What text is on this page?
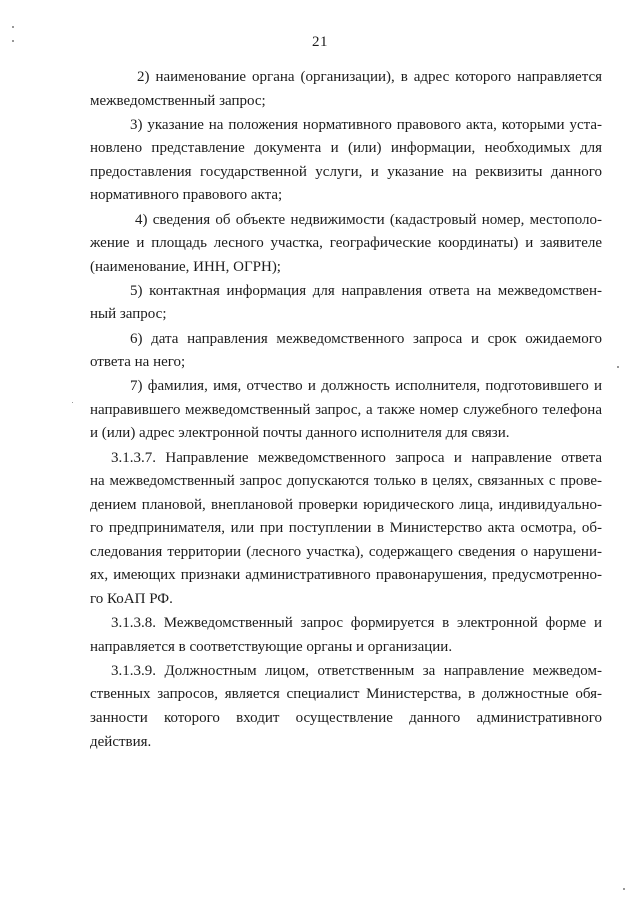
21

2) наименование органа (организации), в адрес которого направляется
межведомственный запрос;

3) указание на положения нормативного правового акта, которыми уста-
новлено представление документа и (или) информации, необходимых для
предоставления государственной услуги, и указание на реквизиты данного
нормативного правового акта;

4) сведения об объекте недвижимости (кадастровый номер, местополо-
жение и площадь лесного участка, географические координаты) и заявителе
(наименование, ИНН, ОГРН);

5) контактная информация для направления ответа на межведомствен-
ный запрос;

6) дата направления межведомственного запроса и срок ожидаемого
ответа на него;

7) фамилия, имя, отчество и должность исполнителя, подготовившего и
направившего межведомственный запрос, а также номер служебного телефона
и (или) адрес электронной почты данного исполнителя для связи.

3.1.3.7. Направление межведомственного запроса и направление ответа
на межведомственный запрос допускаются только в целях, связанных с прове-
дением плановой, внеплановой проверки юридического лица, индивидуально-
го предпринимателя, или при поступлении в Министерство акта осмотра, об-
следования территории (лесного участка), содержащего сведения о нарушени-
ях, имеющих признаки административного правонарушения, предусмотренно-
го КоАП РФ.

3.1.3.8. Межведомственный запрос формируется в электронной форме и
направляется в соответствующие органы и организации.

3.1.3.9. Должностным лицом, ответственным за направление межведом-
ственных запросов, является специалист Министерства, в должностные обя-
занности которого входит осуществление данного административного
действия.
